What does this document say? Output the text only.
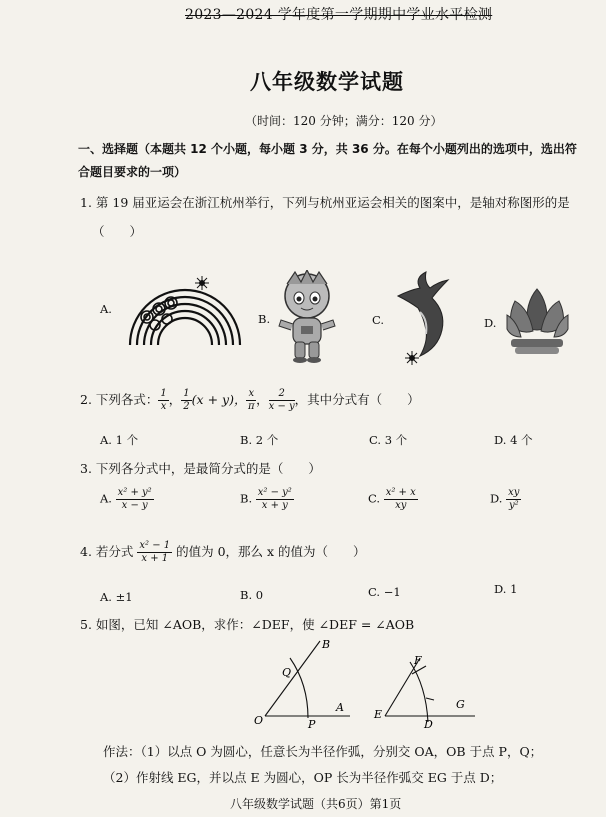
2023—2024 学年度第一学期期中学业水平检测
八年级数学试题
（时间：120 分钟；满分：120 分）
一、选择题（本题共 12 个小题，每小题 3 分，共 36 分。在每个小题列出的选项中，选出符
合题目要求的一项）
1. 第 19 届亚运会在浙江杭州举行，下列与杭州亚运会相关的图案中，是轴对称图形的是
（　　）
A.
B.	C.	D.
2. 下列各式： $\frac{1}{x}$ ， $\frac{1}{2} (x + y)$， $\frac{x}{\pi}$ ， $\frac{2}{x - y}$ ，其中分式有（　　）
A. 1 个	B. 2 个	C. 3 个	D. 4 个
3. 下列各分式中，是最简分式的是（　　）
A. $\frac{\text{x² + y²}}{x - y}$	B. $\frac{\text{x² − y²}}{x + y}$	C. $\frac{\text{x² + x}}{xy}$	D. $\frac{xy}{\text{y²}}$
4. 若分式 $\frac{\text{x² − 1}}{x + 1}$ 的值为 0，那么 x 的值为（　　）
A. ±1	B. 0	C. −1	D. 1
5. 如图，已知 ∠AOB，求作：∠DEF，使 ∠DEF = ∠AOB
B
Q
O	P
A
F
E
D
G
作法：（1）以点 O 为圆心，任意长为半径作弧，分别交 OA，OB 于点 P，Q；
（2）作射线 EG，并以点 E 为圆心，OP 长为半径作弧交 EG 于点 D；
八年级数学试题（共6页）第1页
